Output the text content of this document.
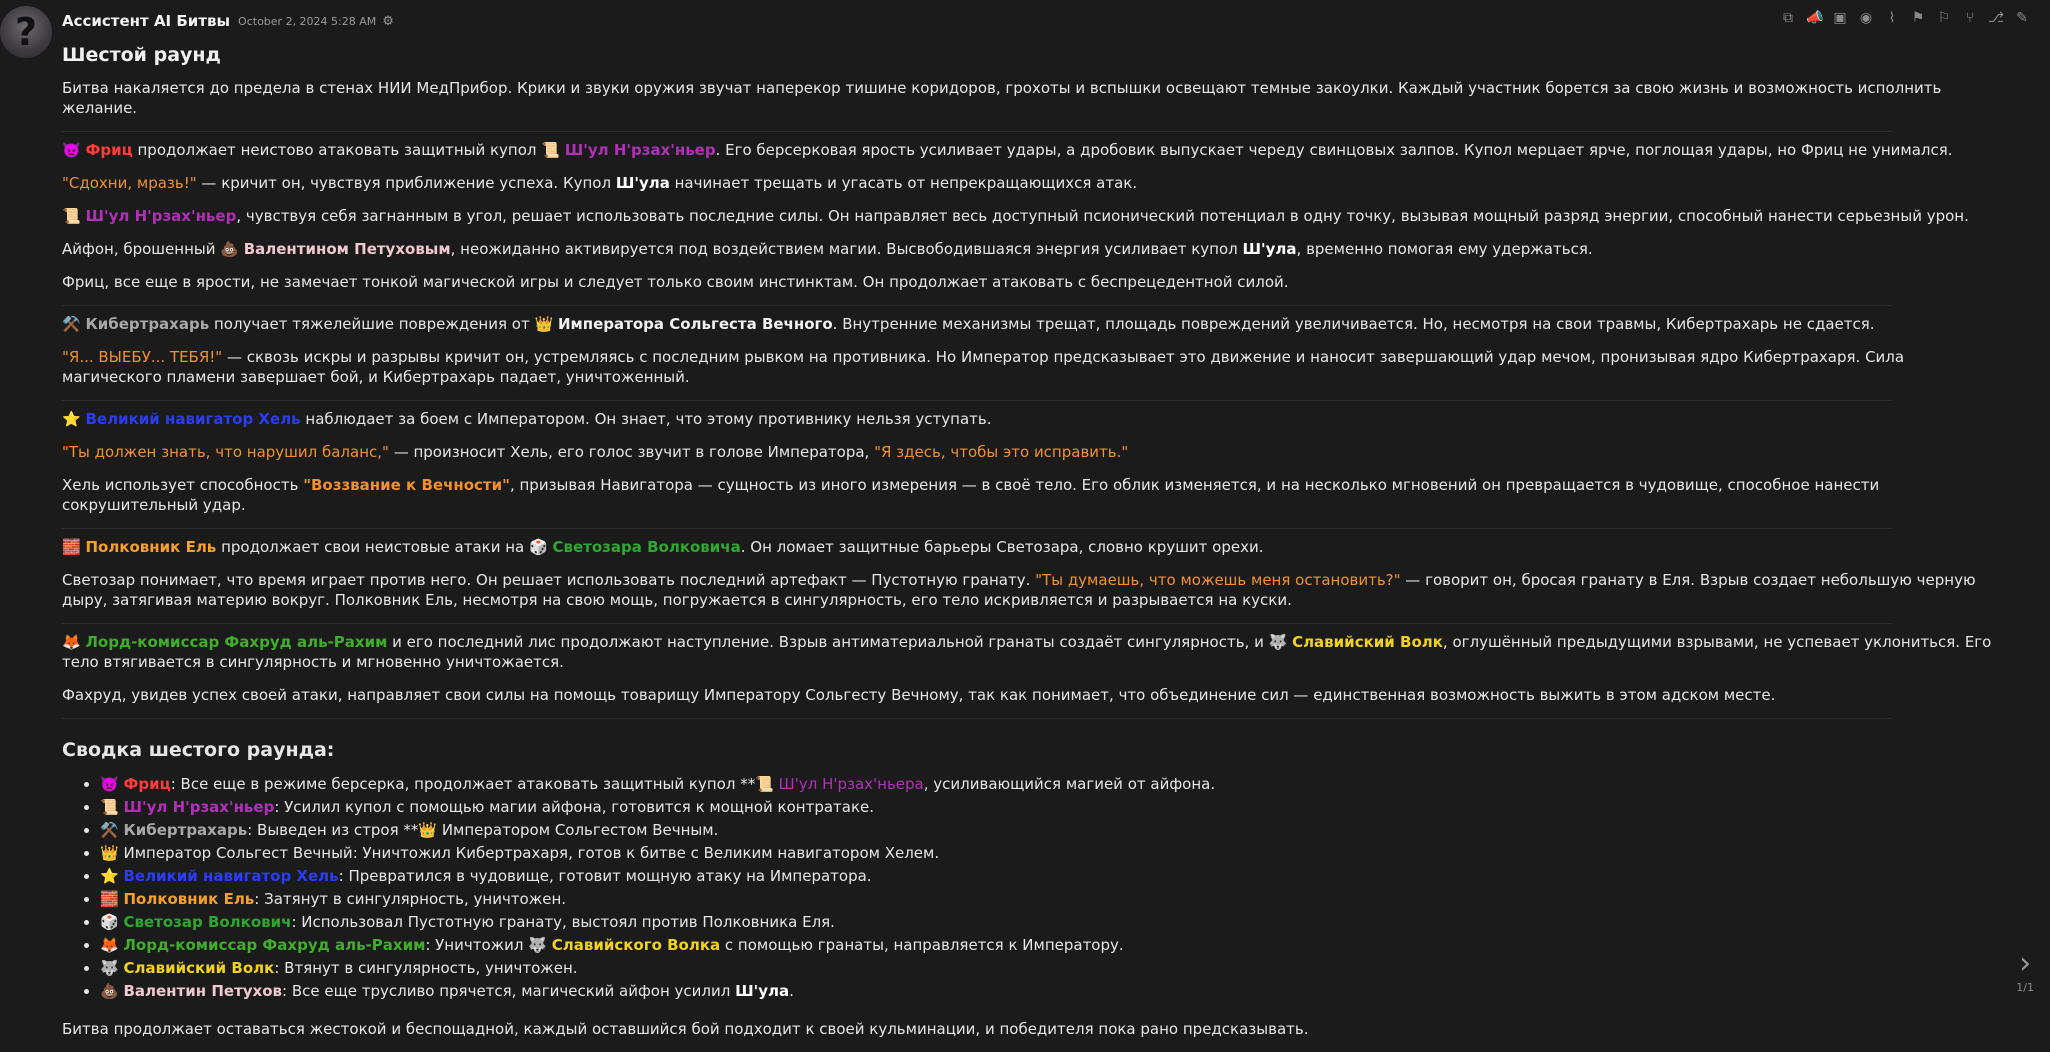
? Ассистент AI Битвы October 2, 2024 5:28 AM ⚙	⧉ 📣 ▣ ◉	⌇	⚑ ⚐ ⑂ ⎇ ✎
Шестой раунд

Битва накаляется до предела в стенах НИИ МедПрибор. Крики и звуки оружия звучат наперекор тишине коридоров, грохоты и вспышки освещают темные закоулки. Каждый участник борется за свою жизнь и возможность исполнить желание.

👿 Фриц продолжает неистово атаковать защитный купол 📜 Ш'ул Н'рзах'ньер. Его берсерковая ярость усиливает удары, а дробовик выпускает череду свинцовых залпов. Купол мерцает ярче, поглощая удары, но Фриц не унимался.

"Сдохни, мразь!" — кричит он, чувствуя приближение успеха. Купол Ш'ула начинает трещать и угасать от непрекращающихся атак.

📜 Ш'ул Н'рзах'ньер, чувствуя себя загнанным в угол, решает использовать последние силы. Он направляет весь доступный псионический потенциал в одну точку, вызывая мощный разряд энергии, способный нанести серьезный урон.

Айфон, брошенный 💩 Валентином Петуховым, неожиданно активируется под воздействием магии. Высвободившаяся энергия усиливает купол Ш'ула, временно помогая ему удержаться.

Фриц, все еще в ярости, не замечает тонкой магической игры и следует только своим инстинктам. Он продолжает атаковать с беспрецедентной силой.

⚒️ Кибертрахарь получает тяжелейшие повреждения от 👑 Императора Сольгеста Вечного. Внутренние механизмы трещат, площадь повреждений увеличивается. Но, несмотря на свои травмы, Кибертрахарь не сдается.

"Я... ВЫЕБУ... ТЕБЯ!" — сквозь искры и разрывы кричит он, устремляясь с последним рывком на противника. Но Император предсказывает это движение и наносит завершающий удар мечом, пронизывая ядро Кибертрахаря. Сила магического пламени завершает бой, и Кибертрахарь падает, уничтоженный.

⭐ Великий навигатор Хель наблюдает за боем с Императором. Он знает, что этому противнику нельзя уступать.

"Ты должен знать, что нарушил баланс," — произносит Хель, его голос звучит в голове Императора, "Я здесь, чтобы это исправить."

Хель использует способность "Воззвание к Вечности", призывая Навигатора — сущность из иного измерения — в своё тело. Его облик изменяется, и на несколько мгновений он превращается в чудовище, способное нанести сокрушительный удар.

🧱 Полковник Ель продолжает свои неистовые атаки на 🎲 Светозара Волковича. Он ломает защитные барьеры Светозара, словно крушит орехи.

Светозар понимает, что время играет против него. Он решает использовать последний артефакт — Пустотную гранату. "Ты думаешь, что можешь меня остановить?" — говорит он, бросая гранату в Еля. Взрыв создает небольшую черную дыру, затягивая материю вокруг. Полковник Ель, несмотря на свою мощь, погружается в сингулярность, его тело искривляется и разрывается на куски.

🦊 Лорд-комиссар Фахруд аль-Рахим и его последний лис продолжают наступление. Взрыв антиматериальной гранаты создаёт сингулярность, и 🐺 Славийский Волк, оглушённый предыдущими взрывами, не успевает уклониться. Его тело втягивается в сингулярность и мгновенно уничтожается.

Фахруд, увидев успех своей атаки, направляет свои силы на помощь товарищу Императору Сольгесту Вечному, так как понимает, что объединение сил — единственная возможность выжить в этом адском месте.

Сводка шестого раунда:
• 👿 Фриц: Все еще в режиме берсерка, продолжает атаковать защитный купол **📜 Ш'ул Н'рзах'ньера, усиливающийся магией от айфона.
• 📜 Ш'ул Н'рзах'ньер: Усилил купол с помощью магии айфона, готовится к мощной контратаке.
• ⚒️ Кибертрахарь: Выведен из строя **👑 Императором Сольгестом Вечным.
• 👑 Император Сольгест Вечный: Уничтожил Кибертрахаря, готов к битве с Великим навигатором Хелем.
• ⭐ Великий навигатор Хель: Превратился в чудовище, готовит мощную атаку на Императора.
• 🧱 Полковник Ель: Затянут в сингулярность, уничтожен.
• 🎲 Светозар Волкович: Использовал Пустотную гранату, выстоял против Полковника Еля.
• 🦊 Лорд-комиссар Фахруд аль-Рахим: Уничтожил 🐺 Славийского Волка с помощью гранаты, направляется к Императору.
• 🐺 Славийский Волк: Втянут в сингулярность, уничтожен.
• 💩 Валентин Петухов: Все еще трусливо прячется, магический айфон усилил Ш'ула.

Битва продолжает оставаться жестокой и беспощадной, каждый оставшийся бой подходит к своей кульминации, и победителя пока рано предсказывать.

›
1/1
